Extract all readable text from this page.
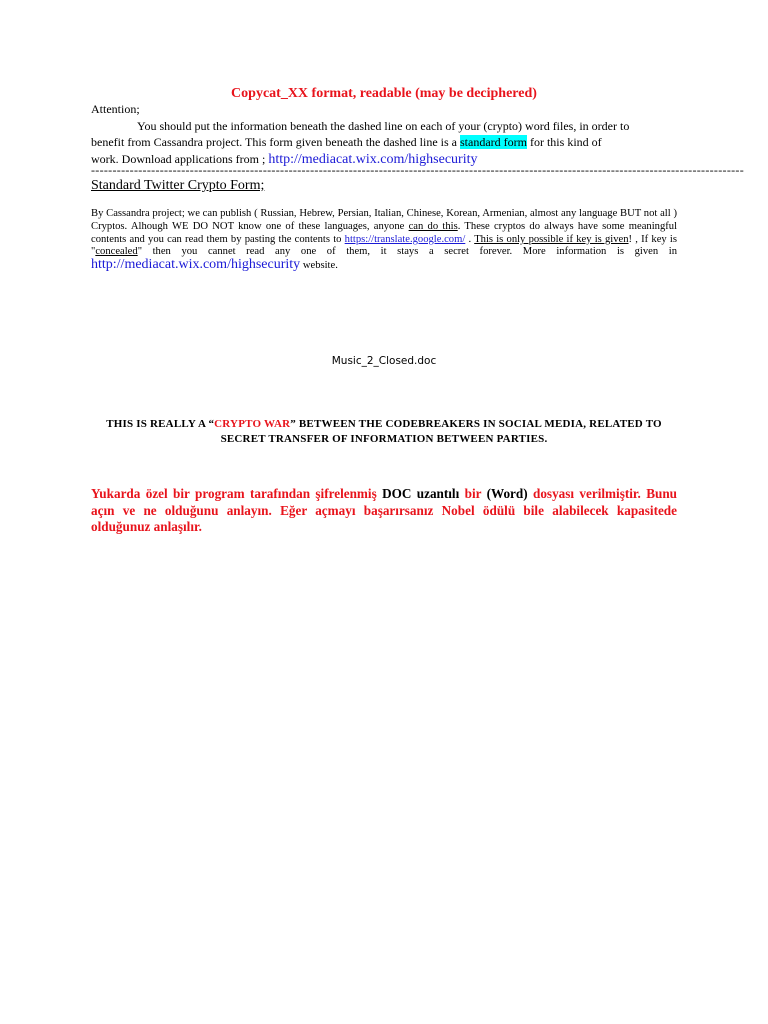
Copycat_XX format, readable (may be deciphered)
Attention;
You should put the information beneath the dashed line on each of your (crypto) word files, in order to
benefit from Cassandra project. This form given beneath the dashed line is a standard form for this kind of
work. Download applications from ; http://mediacat.wix.com/highsecurity
--------------------------------------------------------------------------------------------------------------------------------------------------------
Standard Twitter Crypto Form;
By Cassandra project; we can publish ( Russian, Hebrew, Persian, Italian, Chinese, Korean, Armenian, almost any language BUT not all ) Cryptos. Alhough WE DO NOT know one of these languages, anyone can do this. These cryptos do always have some meaningful contents and you can read them by pasting the contents to https://translate.google.com/ . This is only possible if key is given! , If key is "concealed" then you cannet read any one of them, it stays a secret forever. More information is given in http://mediacat.wix.com/highsecurity website.
Music_2_Closed.doc
THIS IS REALLY A “CRYPTO WAR” BETWEEN THE CODEBREAKERS IN SOCIAL MEDIA, RELATED TO SECRET TRANSFER OF INFORMATION BETWEEN PARTIES.
Yukarda özel bir program tarafından şifrelenmiş DOC uzantılı bir (Word) dosyası verilmiştir. Bunu açın ve ne olduğunu anlayın. Eğer açmayı başarırsanız Nobel ödülü bile alabilecek kapasitede olduğunuz anlaşılır.
